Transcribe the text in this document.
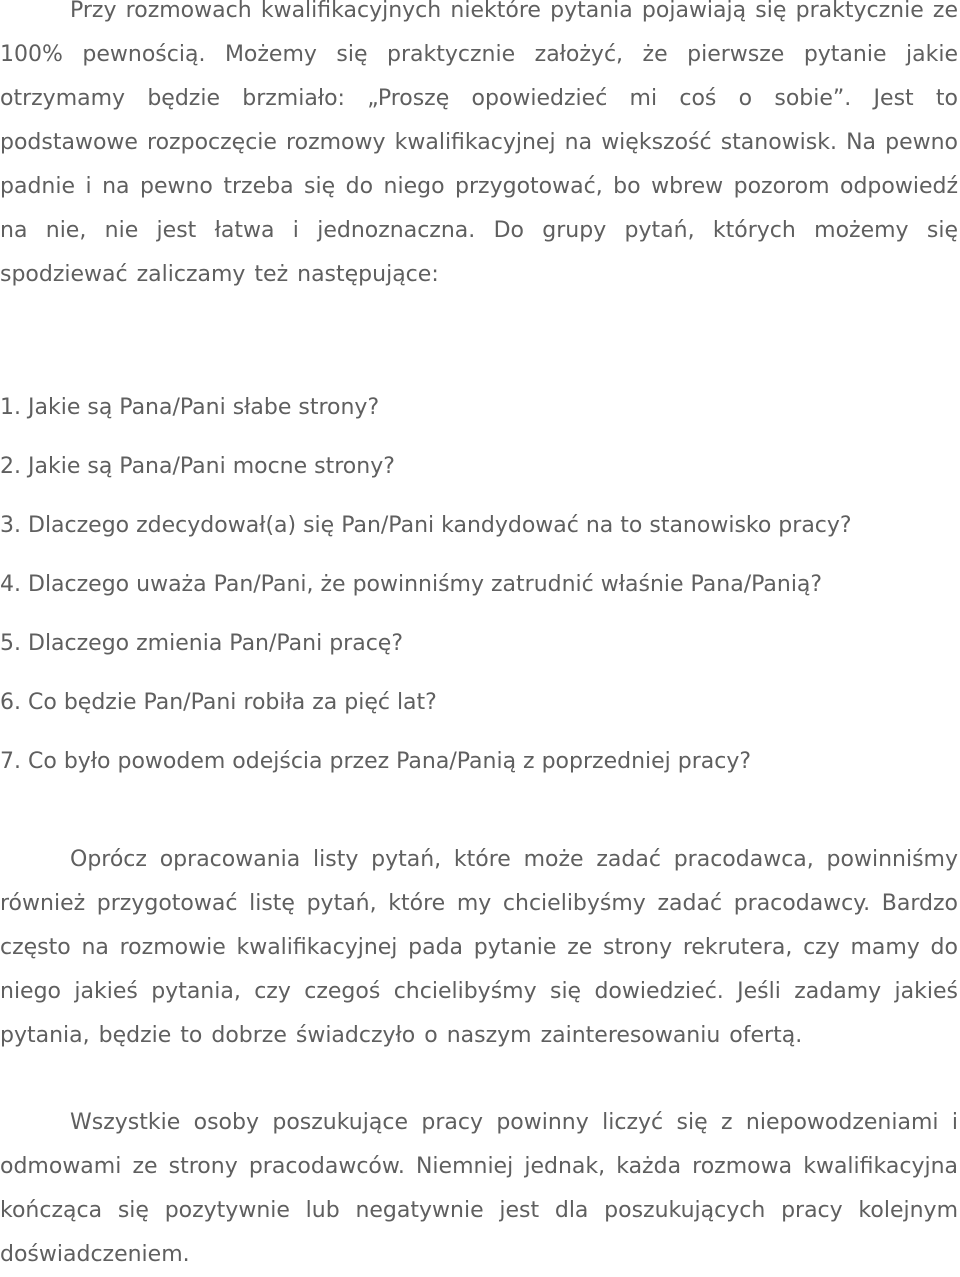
Przy rozmowach kwalifikacyjnych niektóre pytania pojawiają się praktycznie ze 100% pewnością. Możemy się praktycznie założyć, że pierwsze pytanie jakie otrzymamy będzie brzmiało: „Proszę opowiedzieć mi coś o sobie”. Jest to podstawowe rozpoczęcie rozmowy kwalifikacyjnej na większość stanowisk. Na pewno padnie i na pewno trzeba się do niego przygotować, bo wbrew pozorom odpowiedź na nie, nie jest łatwa i jednoznaczna. Do grupy pytań, których możemy się spodziewać zaliczamy też następujące:

1. Jakie są Pana/Pani słabe strony?
2. Jakie są Pana/Pani mocne strony?
3. Dlaczego zdecydował(a) się Pan/Pani kandydować na to stanowisko pracy?
4. Dlaczego uważa Pan/Pani, że powinniśmy zatrudnić właśnie Pana/Panią?
5. Dlaczego zmienia Pan/Pani pracę?
6. Co będzie Pan/Pani robiła za pięć lat?
7. Co było powodem odejścia przez Pana/Panią z poprzedniej pracy?

Oprócz opracowania listy pytań, które może zadać pracodawca, powinniśmy również przygotować listę pytań, które my chcielibyśmy zadać pracodawcy. Bardzo często na rozmowie kwalifikacyjnej pada pytanie ze strony rekrutera, czy mamy do niego jakieś pytania, czy czegoś chcielibyśmy się dowiedzieć. Jeśli zadamy jakieś pytania, będzie to dobrze świadczyło o naszym zainteresowaniu ofertą.

Wszystkie osoby poszukujące pracy powinny liczyć się z niepowodzeniami i odmowami ze strony pracodawców. Niemniej jednak, każda rozmowa kwalifikacyjna kończąca się pozytywnie lub negatywnie jest dla poszukujących pracy kolejnym doświadczeniem.
